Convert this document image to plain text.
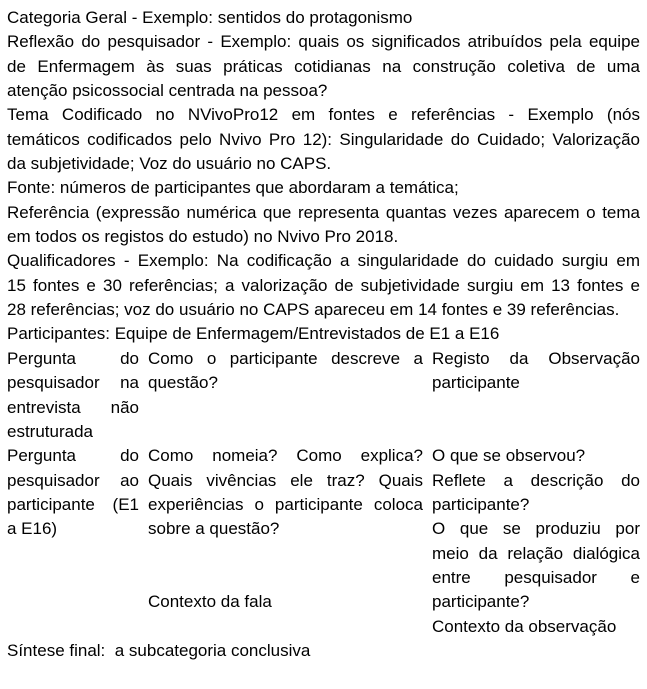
Categoria Geral - Exemplo: sentidos do protagonismo
Reflexão do pesquisador - Exemplo: quais os significados atribuídos pela equipe
de Enfermagem às suas práticas cotidianas na construção coletiva de uma
atenção psicossocial centrada na pessoa?
Tema Codificado no NVivoPro12 em fontes e referências - Exemplo (nós
temáticos codificados pelo Nvivo Pro 12): Singularidade do Cuidado; Valorização
da subjetividade; Voz do usuário no CAPS.
Fonte: números de participantes que abordaram a temática;
Referência (expressão numérica que representa quantas vezes aparecem o tema
em todos os registos do estudo) no Nvivo Pro 2018.
Qualificadores - Exemplo: Na codificação a singularidade do cuidado surgiu em
15 fontes e 30 referências; a valorização de subjetividade surgiu em 13 fontes e
28 referências; voz do usuário no CAPS apareceu em 14 fontes e 39 referências.
Participantes: Equipe de Enfermagem/Entrevistados de E1 a E16
Pergunta do
pesquisador na
entrevista não
estruturada
Como o participante descreve a
questão?
Registo da Observação
participante
Pergunta do
pesquisador ao
participante (E1
a E16)
Como nomeia? Como explica?
Quais vivências ele traz? Quais
experiências o participante coloca
sobre a questão?

Contexto da fala
O que se observou?
Reflete a descrição do
participante?
O que se produziu por
meio da relação dialógica
entre pesquisador e
participante?
Contexto da observação
Síntese final:  a subcategoria conclusiva
